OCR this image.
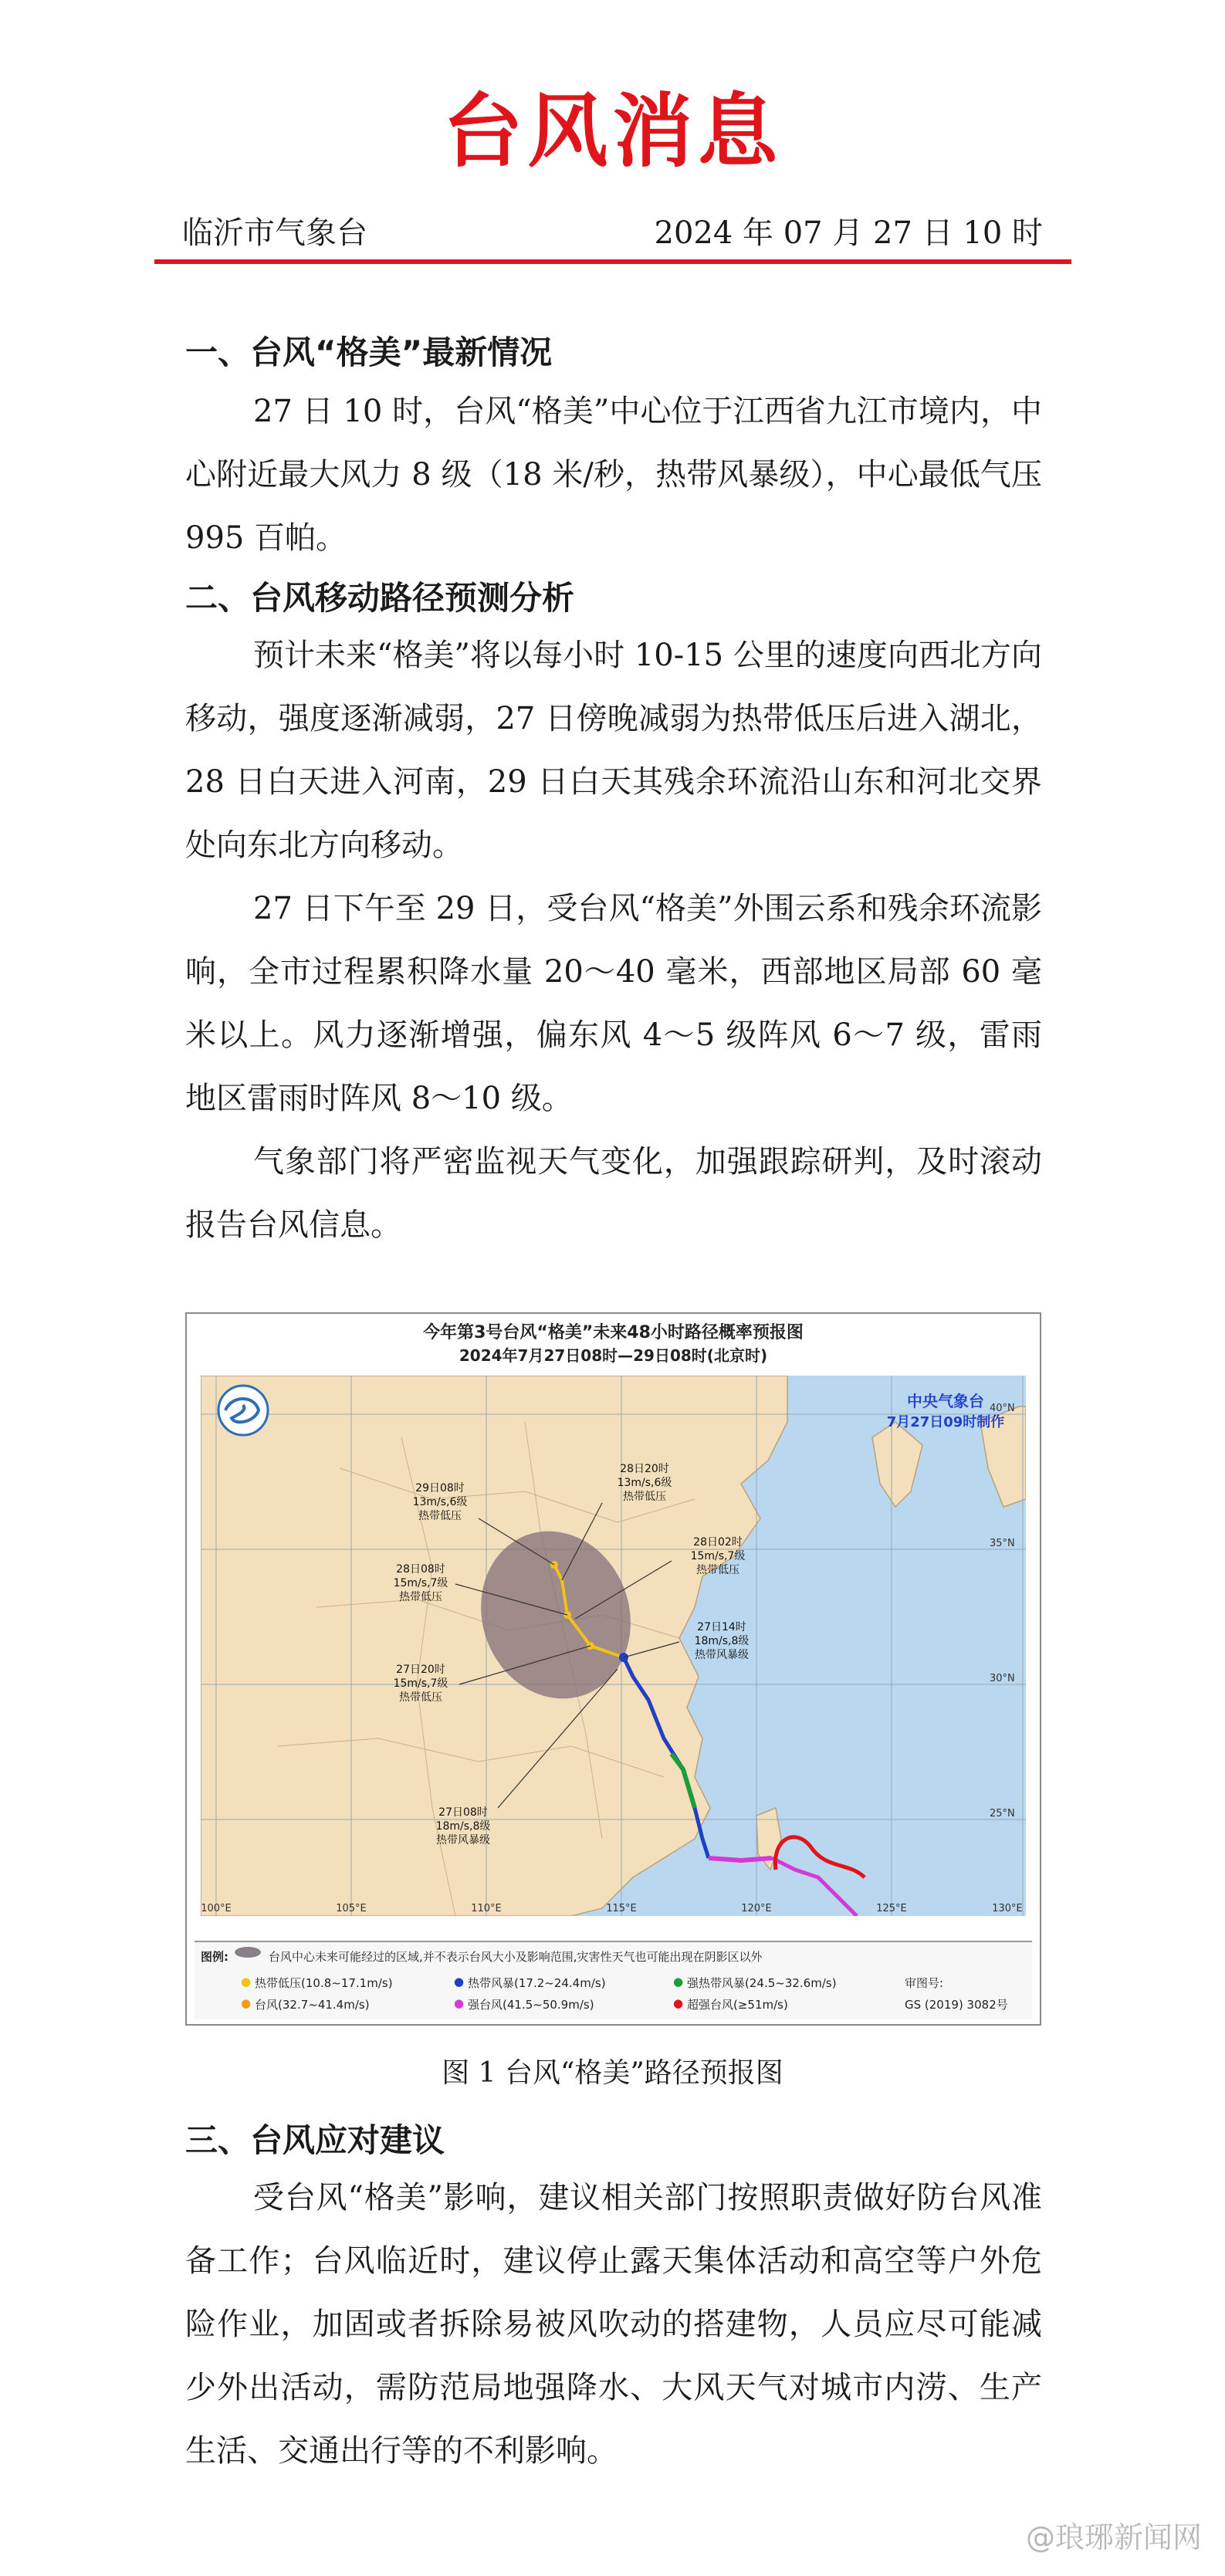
台风消息
临沂市气象台	2024 年 07 月 27 日 10 时
一、台风“格美”最新情况

27 日 10 时，台风“格美”中心位于江西省九江市境内，中心附近最大风力 8 级（18 米/秒，热带风暴级），中心最低气压 995 百帕。

二、台风移动路径预测分析

预计未来“格美”将以每小时 10-15 公里的速度向西北方向移动，强度逐渐减弱，27 日傍晚减弱为热带低压后进入湖北，28 日白天进入河南，29 日白天其残余环流沿山东和河北交界处向东北方向移动。

27 日下午至 29 日，受台风“格美”外围云系和残余环流影响，全市过程累积降水量 20～40 毫米，西部地区局部 60 毫米以上。风力逐渐增强，偏东风 4～5 级阵风 6～7 级，雷雨地区雷雨时阵风 8～10 级。

气象部门将严密监视天气变化，加强跟踪研判，及时滚动报告台风信息。

今年第3号台风“格美”未来48小时路径概率预报图
2024年7月27日08时—29日08时(北京时)
29日08时
13m/s,6级
热带低压
28日20时
13m/s,6级
热带低压
28日08时
15m/s,7级
热带低压
28日02时
15m/s,7级
热带低压
27日20时
15m/s,7级
热带低压
27日14时
18m/s,8级
热带风暴级
27日08时
18m/s,8级
热带风暴级
中央气象台
7月27日09时制作
40°N
35°N
30°N
25°N
100°E	105°E	110°E	115°E	120°E	125°E	130°E
图例:	台风中心未来可能经过的区域,并不表示台风大小及影响范围,灾害性天气也可能出现在阴影区以外
● 热带低压(10.8~17.1m/s)	● 热带风暴(17.2~24.4m/s)	● 强热带风暴(24.5~32.6m/s)
● 台风(32.7~41.4m/s)	● 强台风(41.5~50.9m/s)	● 超强台风(≥51m/s)
审图号:
GS (2019) 3082号
图 1 台风“格美”路径预报图
三、台风应对建议

受台风“格美”影响，建议相关部门按照职责做好防台风准备工作；台风临近时，建议停止露天集体活动和高空等户外危险作业，加固或者拆除易被风吹动的搭建物，人员应尽可能减少外出活动，需防范局地强降水、大风天气对城市内涝、生产生活、交通出行等的不利影响。

@琅琊新闻网
